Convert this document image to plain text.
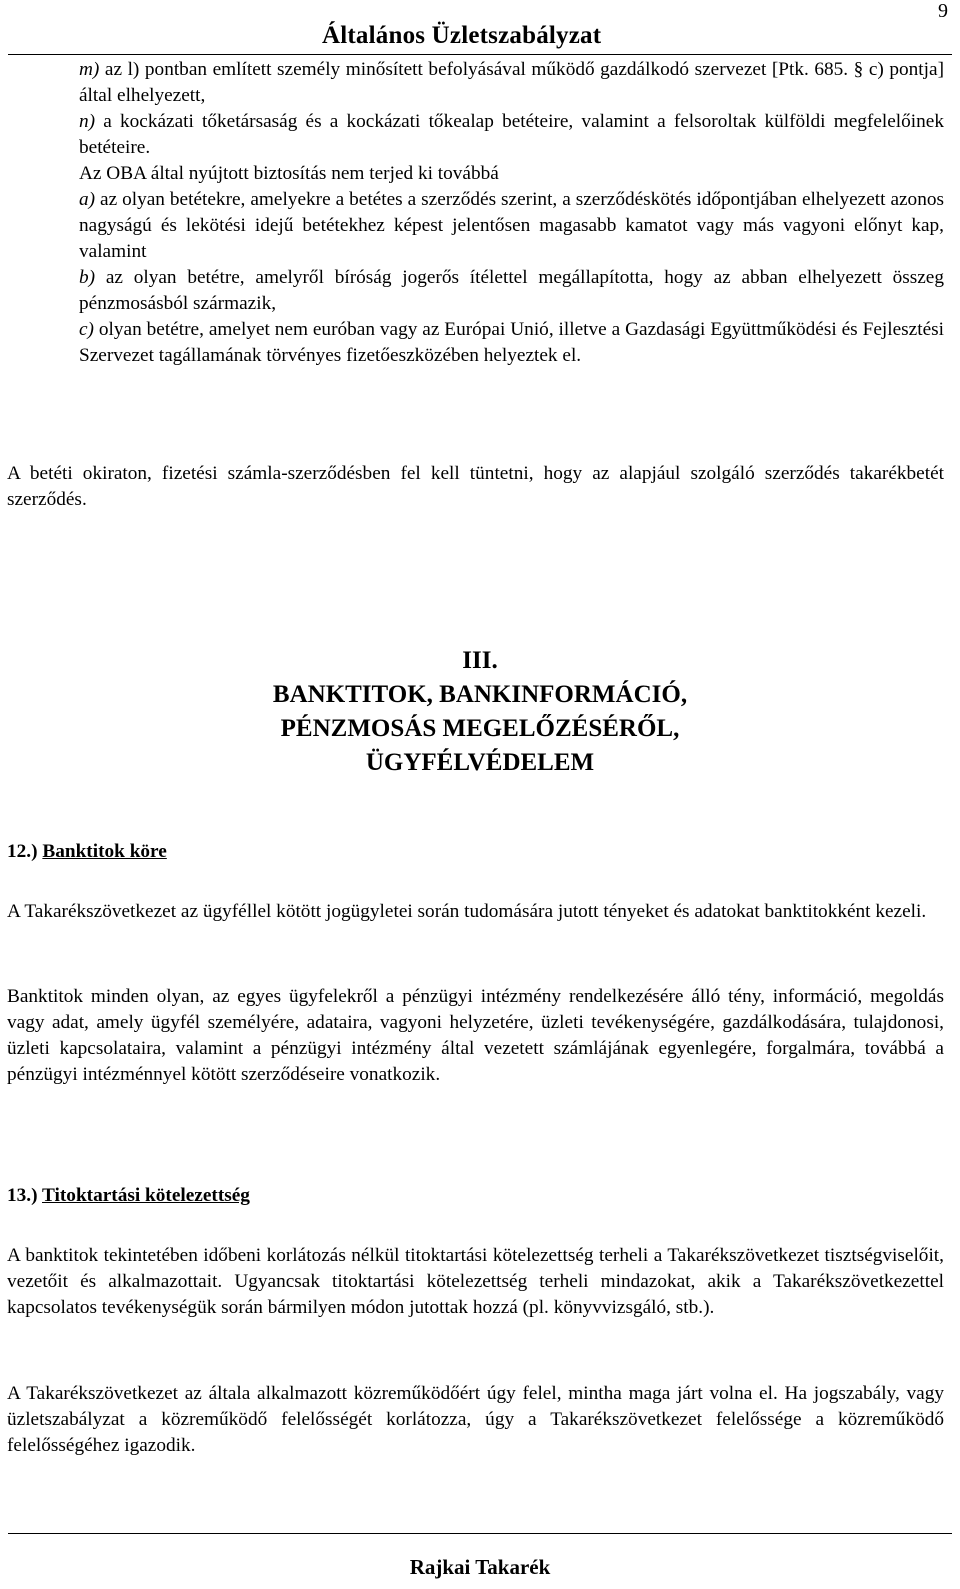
9
Általános Üzletszabályzat

m) az l) pontban említett személy minősített befolyásával működő gazdálkodó szervezet [Ptk. 685. § c) pontja] által elhelyezett,

n) a kockázati tőketársaság és a kockázati tőkealap betéteire, valamint a felsoroltak külföldi megfelelőinek betéteire.

Az OBA által nyújtott biztosítás nem terjed ki továbbá

a) az olyan betétekre, amelyekre a betétes a szerződés szerint, a szerződéskötés időpontjában elhelyezett azonos nagyságú és lekötési idejű betétekhez képest jelentősen magasabb kamatot vagy más vagyoni előnyt kap, valamint

b) az olyan betétre, amelyről bíróság jogerős ítélettel megállapította, hogy az abban elhelyezett összeg pénzmosásból származik,

c) olyan betétre, amelyet nem euróban vagy az Európai Unió, illetve a Gazdasági Együttműködési és Fejlesztési Szervezet tagállamának törvényes fizetőeszközében helyeztek el.

A betéti okiraton, fizetési számla-szerződésben fel kell tüntetni, hogy az alapjául szolgáló szerződés takarékbetét szerződés.
III.
BANKTITOK, BANKINFORMÁCIÓ,
PÉNZMOSÁS MEGELŐZÉSÉRŐL,
ÜGYFÉLVÉDELEM
12.) Banktitok köre
A Takarékszövetkezet az ügyféllel kötött jogügyletei során tudomására jutott tényeket és adatokat banktitokként kezeli.
Banktitok minden olyan, az egyes ügyfelekről a pénzügyi intézmény rendelkezésére álló tény, információ, megoldás vagy adat, amely ügyfél személyére, adataira, vagyoni helyzetére, üzleti tevékenységére, gazdálkodására, tulajdonosi, üzleti kapcsolataira, valamint a pénzügyi intézmény által vezetett számlájának egyenlegére, forgalmára, továbbá a pénzügyi intézménnyel kötött szerződéseire vonatkozik.
13.) Titoktartási kötelezettség
A banktitok tekintetében időbeni korlátozás nélkül titoktartási kötelezettség terheli a Takarékszövetkezet tisztségviselőit, vezetőit és alkalmazottait. Ugyancsak titoktartási kötelezettség terheli mindazokat, akik a Takarékszövetkezettel kapcsolatos tevékenységük során bármilyen módon jutottak hozzá (pl. könyvvizsgáló, stb.).
A Takarékszövetkezet az általa alkalmazott közreműködőért úgy felel, mintha maga járt volna el. Ha jogszabály, vagy üzletszabályzat a közreműködő felelősségét korlátozza, úgy a Takarékszövetkezet felelőssége a közreműködő felelősségéhez igazodik.
Rajkai Takarék
